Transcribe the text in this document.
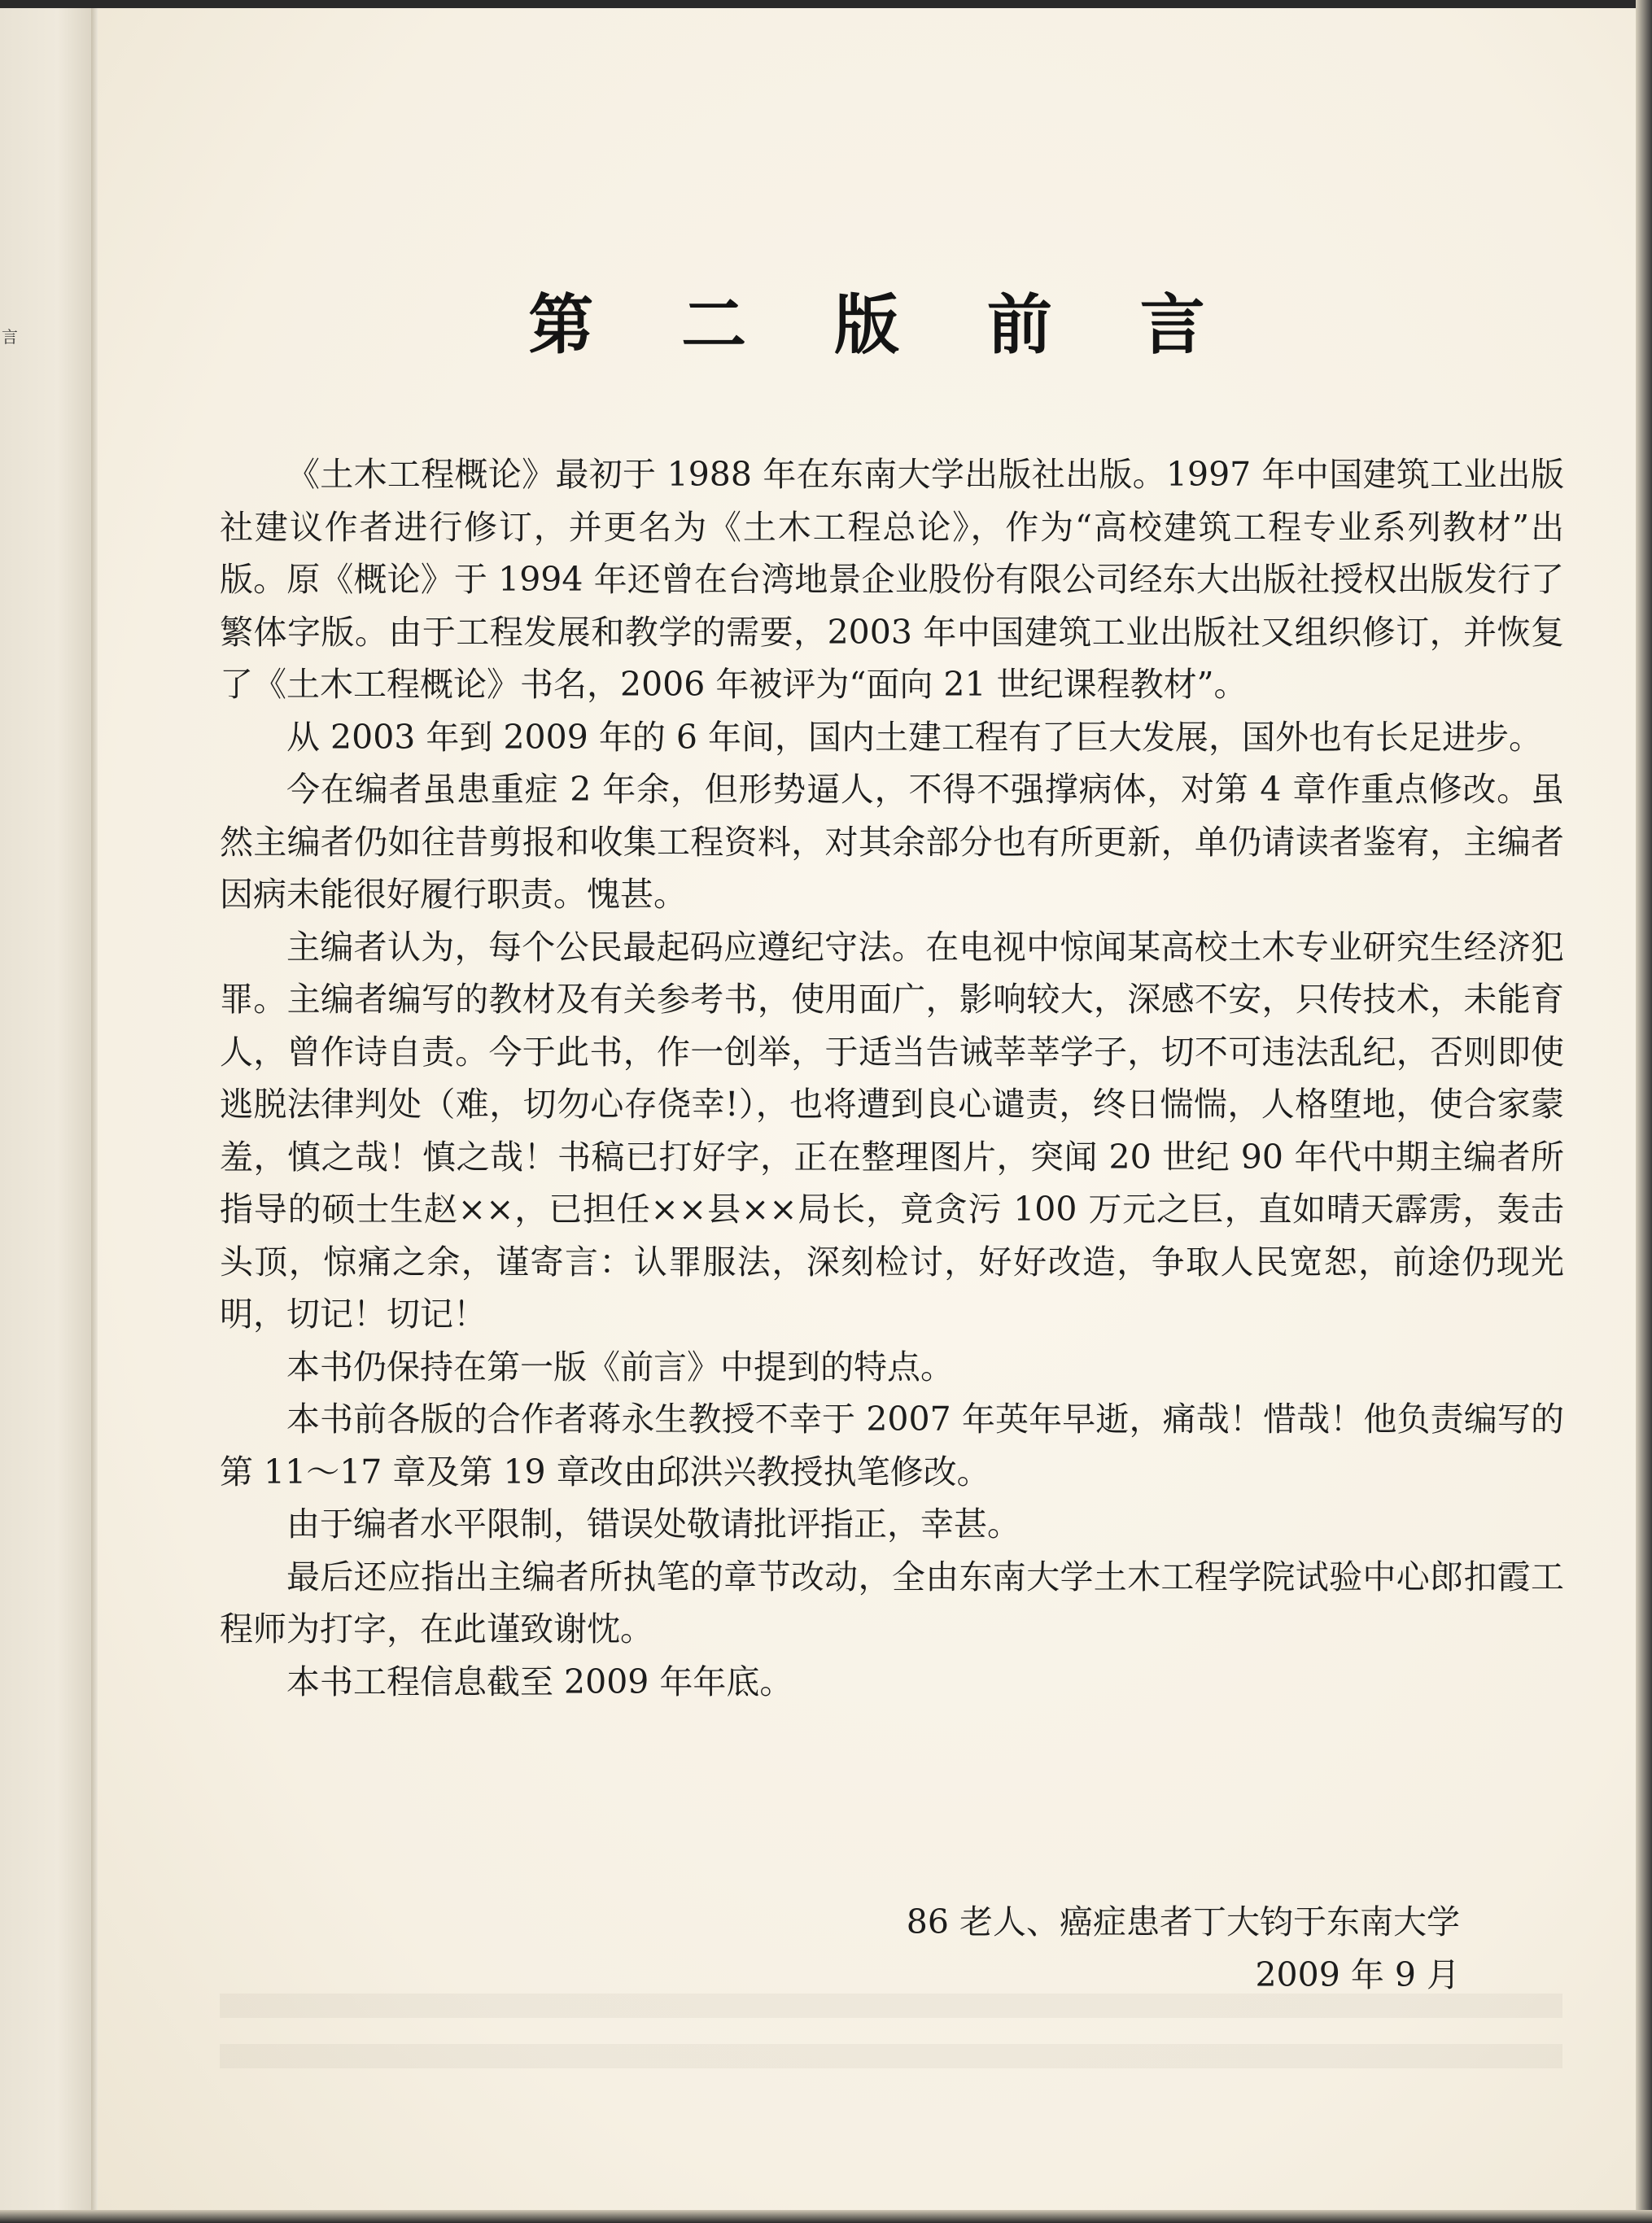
言	第 二 版 前 言

《土木工程概论》最初于 1988 年在东南大学出版社出版。1997 年中国建筑工业出版社建议作者进行修订，并更名为《土木工程总论》，作为“高校建筑工程专业系列教材”出版。原《概论》于 1994 年还曾在台湾地景企业股份有限公司经东大出版社授权出版发行了繁体字版。由于工程发展和教学的需要，2003 年中国建筑工业出版社又组织修订，并恢复了《土木工程概论》书名，2006 年被评为“面向 21 世纪课程教材”。

从 2003 年到 2009 年的 6 年间，国内土建工程有了巨大发展，国外也有长足进步。

今在编者虽患重症 2 年余，但形势逼人，不得不强撑病体，对第 4 章作重点修改。虽然主编者仍如往昔剪报和收集工程资料，对其余部分也有所更新，单仍请读者鉴宥，主编者因病未能很好履行职责。愧甚。

主编者认为，每个公民最起码应遵纪守法。在电视中惊闻某高校土木专业研究生经济犯罪。主编者编写的教材及有关参考书，使用面广，影响较大，深感不安，只传技术，未能育人，曾作诗自责。今于此书，作一创举，于适当告诫莘莘学子，切不可违法乱纪，否则即使逃脱法律判处（难，切勿心存侥幸!），也将遭到良心谴责，终日惴惴，人格堕地，使合家蒙羞，慎之哉！慎之哉！书稿已打好字，正在整理图片，突闻 20 世纪 90 年代中期主编者所指导的硕士生赵××，已担任××县××局长，竟贪污 100 万元之巨，直如晴天霹雳，轰击头顶，惊痛之余，谨寄言：认罪服法，深刻检讨，好好改造，争取人民宽恕，前途仍现光明，切记！切记！

本书仍保持在第一版《前言》中提到的特点。

本书前各版的合作者蒋永生教授不幸于 2007 年英年早逝，痛哉！惜哉！他负责编写的第 11～17 章及第 19 章改由邱洪兴教授执笔修改。

由于编者水平限制，错误处敬请批评指正，幸甚。

最后还应指出主编者所执笔的章节改动，全由东南大学土木工程学院试验中心郎扣霞工程师为打字，在此谨致谢忱。

本书工程信息截至 2009 年年底。

86 老人、癌症患者丁大钧于东南大学
2009 年 9 月
